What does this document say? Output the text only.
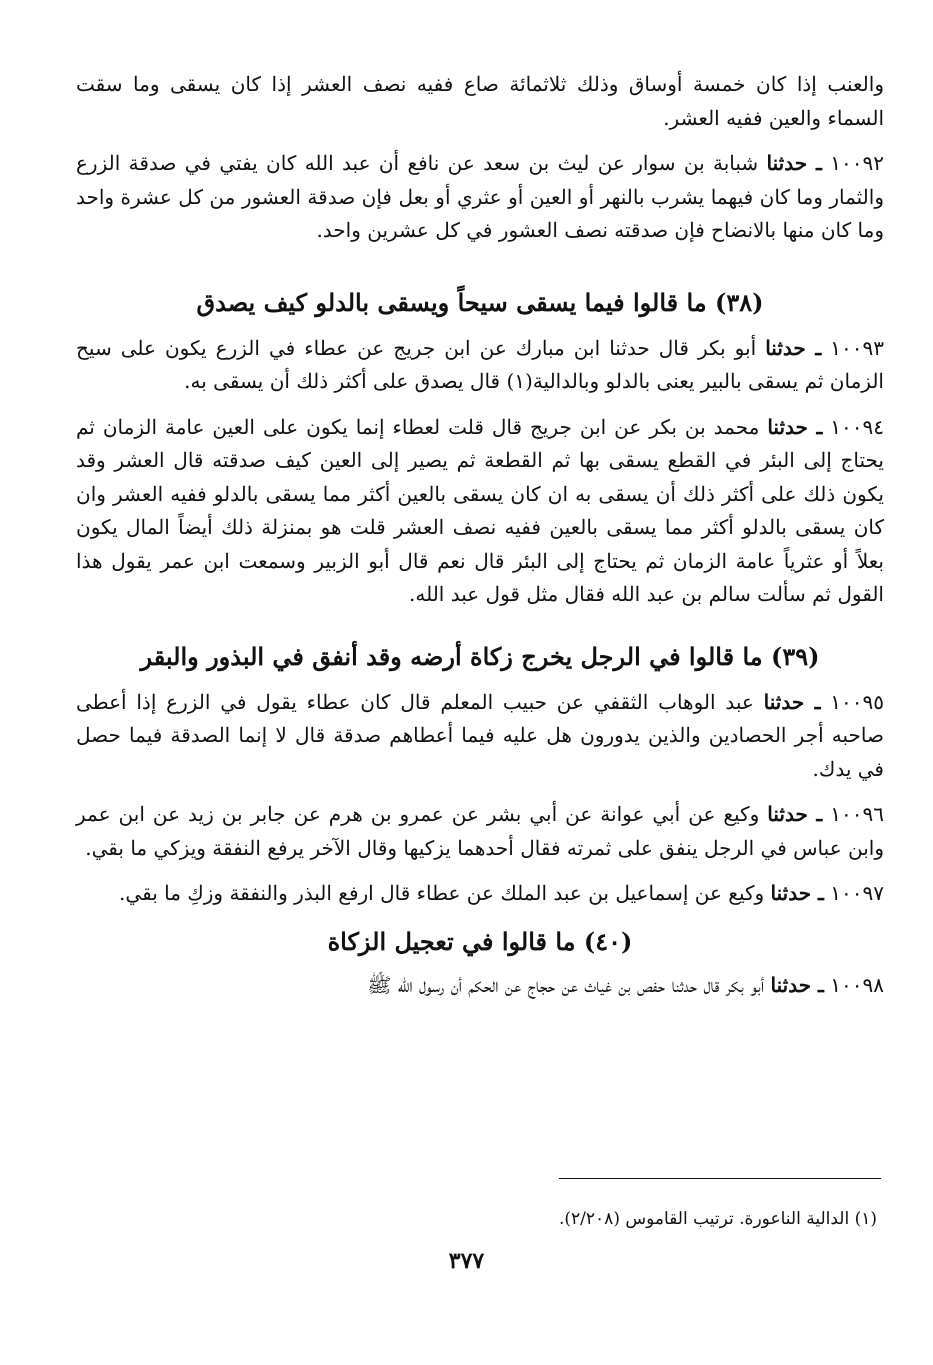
والعنب إذا كان خمسة أوساق وذلك ثلاثمائة صاع ففيه نصف العشر إذا كان يسقى وما سقت السماء والعين ففيه العشر.

١٠٠٩٢ ـ حدثنا شبابة بن سوار عن ليث بن سعد عن نافع أن عبد الله كان يفتي في صدقة الزرع والثمار وما كان فيهما يشرب بالنهر أو العين أو عثري أو بعل فإن صدقة العشور من كل عشرة واحد وما كان منها بالانضاح فإن صدقته نصف العشور في كل عشرين واحد.

(٣٨) ما قالوا فيما يسقى سيحاً ويسقى بالدلو كيف يصدق

١٠٠٩٣ ـ حدثنا أبو بكر قال حدثنا ابن مبارك عن ابن جريج عن عطاء في الزرع يكون على سيح الزمان ثم يسقى بالبير يعنى بالدلو وبالدالية(١) قال يصدق على أكثر ذلك أن يسقى به.

١٠٠٩٤ ـ حدثنا محمد بن بكر عن ابن جريج قال قلت لعطاء إنما يكون على العين عامة الزمان ثم يحتاج إلى البئر في القطع يسقى بها ثم القطعة ثم يصير إلى العين كيف صدقته قال العشر وقد يكون ذلك على أكثر ذلك أن يسقى به ان كان يسقى بالعين أكثر مما يسقى بالدلو ففيه العشر وان كان يسقى بالدلو أكثر مما يسقى بالعين ففيه نصف العشر قلت هو بمنزلة ذلك أيضاً المال يكون بعلاً أو عثرياً عامة الزمان ثم يحتاج إلى البئر قال نعم قال أبو الزبير وسمعت ابن عمر يقول هذا القول ثم سألت سالم بن عبد الله فقال مثل قول عبد الله.

(٣٩) ما قالوا في الرجل يخرج زكاة أرضه وقد أنفق في البذور والبقر

١٠٠٩٥ ـ حدثنا عبد الوهاب الثقفي عن حبيب المعلم قال كان عطاء يقول في الزرع إذا أعطى صاحبه أجر الحصادين والذين يدورون هل عليه فيما أعطاهم صدقة قال لا إنما الصدقة فيما حصل في يدك.

١٠٠٩٦ ـ حدثنا وكيع عن أبي عوانة عن أبي بشر عن عمرو بن هرم عن جابر بن زيد عن ابن عمر وابن عباس في الرجل ينفق على ثمرته فقال أحدهما يزكيها وقال الآخر يرفع النفقة ويزكي ما بقي.

١٠٠٩٧ ـ حدثنا وكيع عن إسماعيل بن عبد الملك عن عطاء قال ارفع البذر والنفقة وزكِ ما بقي.

(٤٠) ما قالوا في تعجيل الزكاة

١٠٠٩٨ ـ حدثنا أبو بكر قال حدثنا حفص بن غياث عن حجاج عن الحكم أن رسول الله ﷺ

(١) الدالية الناعورة. ترتيب القاموس (٢/٢٠٨).
٣٧٧
